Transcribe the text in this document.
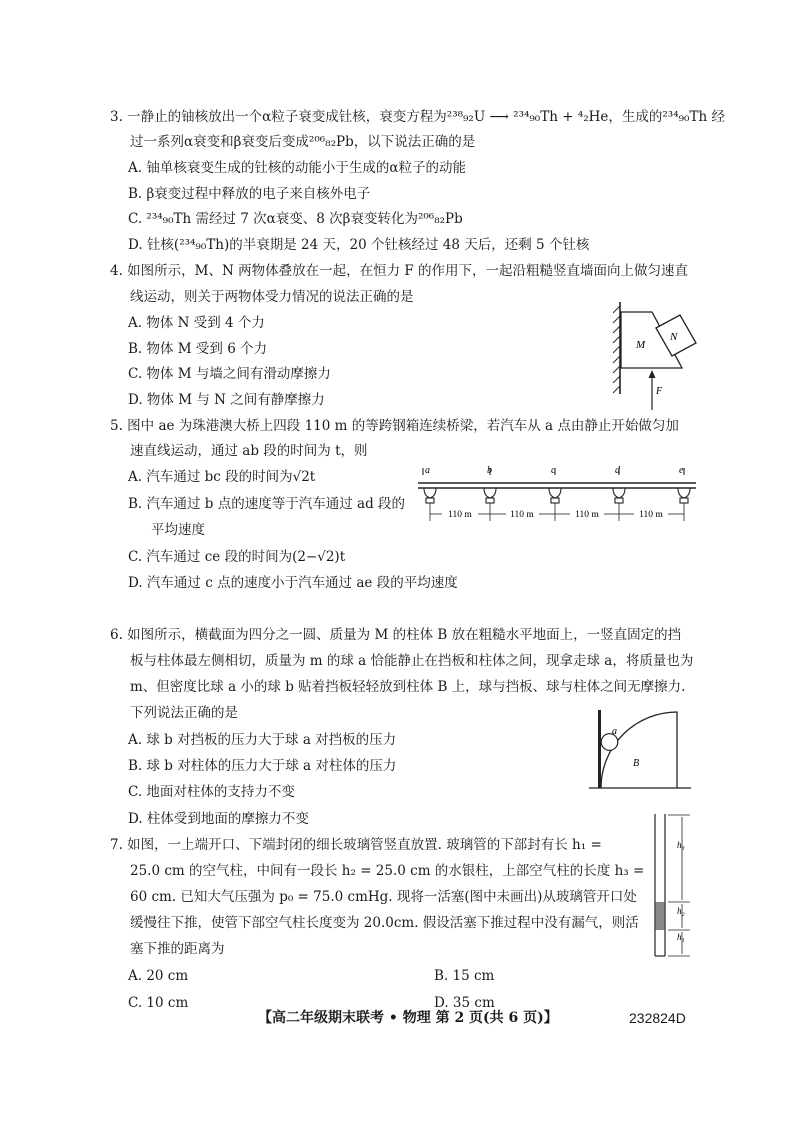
3. 一静止的铀核放出一个α粒子衰变成钍核，衰变方程为²³⁸₉₂U ⟶ ²³⁴₉₀Th + ⁴₂He，生成的²³⁴₉₀Th 经
过一系列α衰变和β衰变后变成²⁰⁶₈₂Pb，以下说法正确的是
A. 铀单核衰变生成的钍核的动能小于生成的α粒子的动能
B. β衰变过程中释放的电子来自核外电子
C. ²³⁴₉₀Th 需经过 7 次α衰变、8 次β衰变转化为²⁰⁶₈₂Pb
D. 钍核(²³⁴₉₀Th)的半衰期是 24 天，20 个钍核经过 48 天后，还剩 5 个钍核
4. 如图所示，M、N 两物体叠放在一起，在恒力 F 的作用下，一起沿粗糙竖直墙面向上做匀速直
线运动，则关于两物体受力情况的说法正确的是
A. 物体 N 受到 4 个力
B. 物体 M 受到 6 个力
C. 物体 M 与墙之间有滑动摩擦力
D. 物体 M 与 N 之间有静摩擦力
M
N
F
5. 图中 ae 为珠港澳大桥上四段 110 m 的等跨钢箱连续桥梁，若汽车从 a 点由静止开始做匀加
速直线运动，通过 ab 段的时间为 t，则
A. 汽车通过 bc 段的时间为√2t
B. 汽车通过 b 点的速度等于汽车通过 ad 段的
平均速度
C. 汽车通过 ce 段的时间为(2−√2)t
D. 汽车通过 c 点的速度小于汽车通过 ae 段的平均速度
a	b	c	d	e
110 m	110 m	110 m	110 m
6. 如图所示，横截面为四分之一圆、质量为 M 的柱体 B 放在粗糙水平地面上，一竖直固定的挡
板与柱体最左侧相切，质量为 m 的球 a 恰能静止在挡板和柱体之间，现拿走球 a，将质量也为
m、但密度比球 a 小的球 b 贴着挡板轻轻放到柱体 B 上，球与挡板、球与柱体之间无摩擦力.
下列说法正确的是
A. 球 b 对挡板的压力大于球 a 对挡板的压力
B. 球 b 对柱体的压力大于球 a 对柱体的压力
C. 地面对柱体的支持力不变
D. 柱体受到地面的摩擦力不变
a
B
7. 如图，一上端开口、下端封闭的细长玻璃管竖直放置. 玻璃管的下部封有长 h₁ =
25.0 cm 的空气柱，中间有一段长 h₂ = 25.0 cm 的水银柱，上部空气柱的长度 h₃ =
60 cm. 已知大气压强为 p₀ = 75.0 cmHg. 现将一活塞(图中未画出)从玻璃管开口处
缓慢往下推，使管下部空气柱长度变为 20.0cm. 假设活塞下推过程中没有漏气，则活
塞下推的距离为
A. 20 cm	B. 15 cm
C. 10 cm	D. 35 cm
h₃
h₂
h₁
【高二年级期末联考 • 物理 第 2 页(共 6 页)】	232824D
